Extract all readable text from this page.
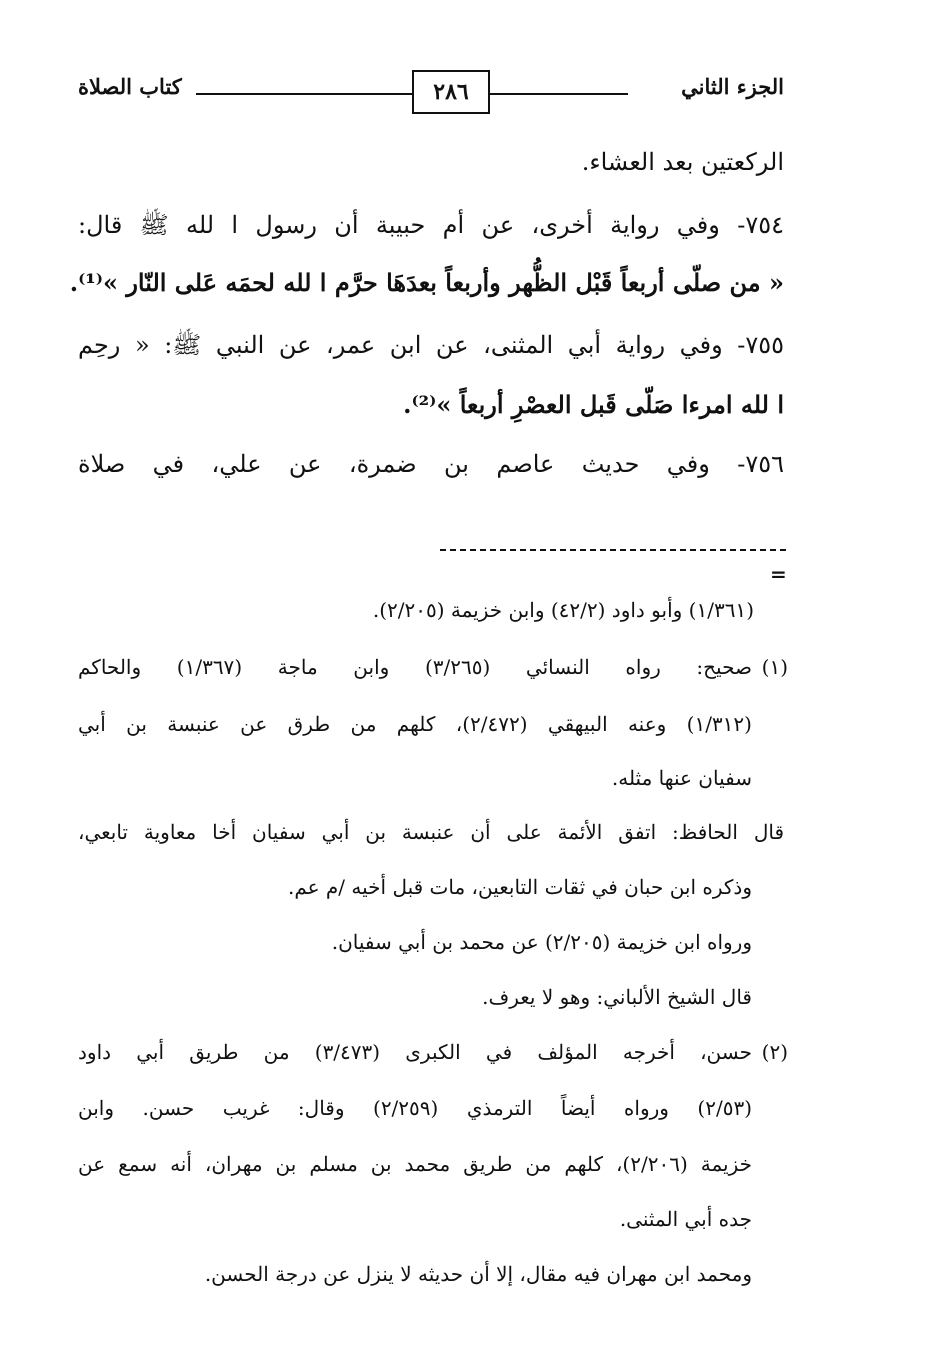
الجزء الثاني
٢٨٦
كتاب الصلاة
الركعتين بعد العشاء.
٧٥٤- وفي رواية أخرى، عن أم حبيبة أن رسول ا لله ﷺ قال:
« من صلّى أربعاً قَبْل الظُّهر وأربعاً بعدَهَا حرَّم ا لله لحمَه عَلى النّار »⁽¹⁾.
٧٥٥- وفي رواية أبي المثنى، عن ابن عمر، عن النبي ﷺ: « رحِم
ا لله امرءا صَلّى قَبل العصْرِ أربعاً »⁽²⁾.
٧٥٦- وفي حديث عاصم بن ضمرة، عن علي، في صلاة
=
(١/٣٦١) وأبو داود (٤٢/٢) وابن خزيمة (٢/٢٠٥).
(١)
صحيح: رواه النسائي (٣/٢٦٥) وابن ماجة (١/٣٦٧) والحاكم
(١/٣١٢) وعنه البيهقي (٢/٤٧٢)، كلهم من طرق عن عنبسة بن أبي
سفيان عنها مثله.
قال الحافظ: اتفق الأئمة على أن عنبسة بن أبي سفيان أخا معاوية تابعي،
وذكره ابن حبان في ثقات التابعين، مات قبل أخيه /م عم.
ورواه ابن خزيمة (٢/٢٠٥) عن محمد بن أبي سفيان.
قال الشيخ الألباني: وهو لا يعرف.
(٢)
حسن، أخرجه المؤلف في الكبرى (٣/٤٧٣) من طريق أبي داود
(٢/٥٣) ورواه أيضاً الترمذي (٢/٢٥٩) وقال: غريب حسن. وابن
خزيمة (٢/٢٠٦)، كلهم من طريق محمد بن مسلم بن مهران، أنه سمع عن
جده أبي المثنى.
ومحمد ابن مهران فيه مقال، إلا أن حديثه لا ينزل عن درجة الحسن.
